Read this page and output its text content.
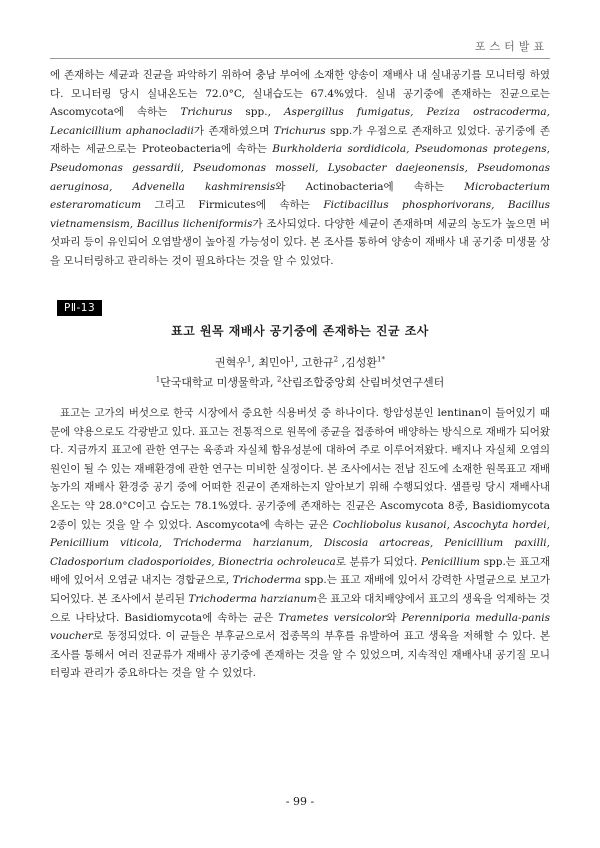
포스터발표

에 존재하는 세균과 진균을 파악하기 위하여 충남 부여에 소재한 양송이 재배사 내 실내공기를 모니터링 하였다. 모니터링 당시 실내온도는 72.0°C, 실내습도는 67.4%였다. 실내 공기중에 존재하는 진균으로는 Ascomycota에 속하는 Trichurus spp., Aspergillus fumigatus, Peziza ostracoderma, Lecanicillium aphanocladii가 존재하였으며 Trichurus spp.가 우점으로 존재하고 있었다. 공기중에 존재하는 세균으로는 Proteobacteria에 속하는 Burkholderia sordidicola, Pseudomonas protegens, Pseudomonas gessardii, Pseudomonas mosseli, Lysobacter daejeonensis, Pseudomonas aeruginosa, Advenella kashmirensis와 Actinobacteria에 속하는 Microbacterium esteraromaticum 그리고 Firmicutes에 속하는 Fictibacillus phosphorivorans, Bacillus vietnamensism, Bacillus licheniformis가 조사되었다. 다양한 세균이 존재하며 세균의 농도가 높으면 버섯파리 등이 유인되어 오염발생이 높아질 가능성이 있다. 본 조사를 통하여 양송이 재배사 내 공기중 미생물 상을 모니터링하고 관리하는 것이 필요하다는 것을 알 수 있었다.

PⅡ-13
표고 원목 재배사 공기중에 존재하는 진균 조사
권혁우$^1$, 최민아$^1$, 고한규$^2$ ,김성환$^{1*}$
$^1$단국대학교 미생물학과, $^2$산림조합중앙회 산림버섯연구센터

표고는 고가의 버섯으로 한국 시장에서 중요한 식용버섯 중 하나이다. 항암성분인 lentinan이 들어있기 때문에 약용으로도 각광받고 있다. 표고는 전통적으로 원목에 종균을 접종하여 배양하는 방식으로 재배가 되어왔다. 지금까지 표고에 관한 연구는 육종과 자실체 함유성분에 대하여 주로 이루어져왔다. 배지나 자실체 오염의 원인이 될 수 있는 재배환경에 관한 연구는 미비한 실정이다. 본 조사에서는 전남 진도에 소재한 원목표고 재배농가의 재배사 환경중 공기 중에 어떠한 진균이 존재하는지 알아보기 위해 수행되었다. 샘플링 당시 재배사내 온도는 약 28.0°C이고 습도는 78.1%였다. 공기중에 존재하는 진균은 Ascomycota 8종, Basidiomycota 2종이 있는 것을 알 수 있었다. Ascomycota에 속하는 균은 Cochliobolus kusanoi, Ascochyta hordei, Penicillium viticola, Trichoderma harzianum, Discosia artocreas, Penicillium paxilli, Cladosporium cladosporioides, Bionectria ochroleuca로 분류가 되었다. Penicillium spp.는 표고재배에 있어서 오염균 내지는 경합균으로, Trichoderma spp.는 표고 재배에 있어서 강력한 사멸균으로 보고가 되어있다. 본 조사에서 분리된 Trichoderma harzianum은 표고와 대치배양에서 표고의 생육을 억제하는 것으로 나타났다. Basidiomycota에 속하는 균은 Trametes versicolor와 Perenniporia medulla-panis voucher로 동정되었다. 이 균들은 부후균으로서 접종목의 부후를 유발하여 표고 생육을 저해할 수 있다. 본 조사를 통해서 여러 진균류가 재배사 공기중에 존재하는 것을 알 수 있었으며, 지속적인 재배사내 공기질 모니터링과 관리가 중요하다는 것을 알 수 있었다.

- 99 -
